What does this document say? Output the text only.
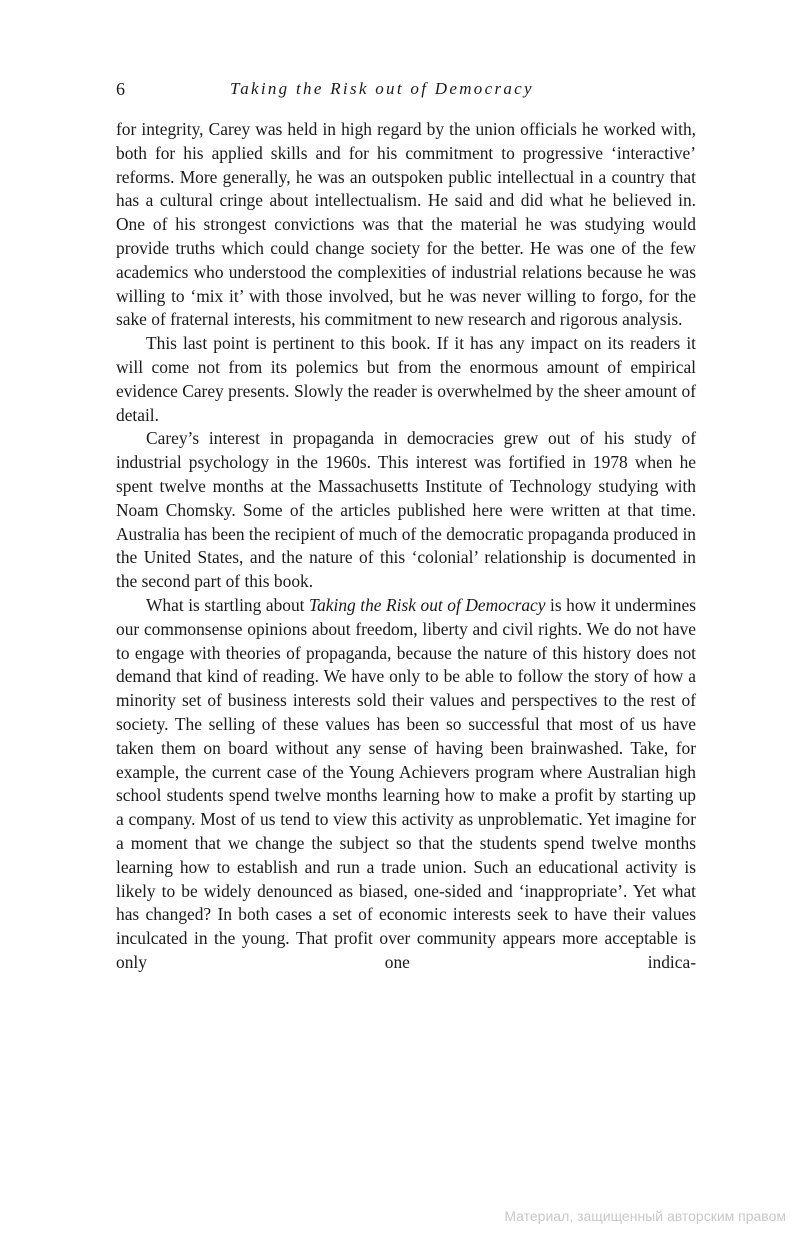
6	Taking the Risk out of Democracy

for integrity, Carey was held in high regard by the union officials he worked with, both for his applied skills and for his commitment to progressive ‘interactive’ reforms. More generally, he was an outspoken public intellectual in a country that has a cultural cringe about intellectualism. He said and did what he believed in. One of his strongest convictions was that the material he was studying would provide truths which could change society for the better. He was one of the few academics who understood the complexities of industrial relations because he was willing to ‘mix it’ with those involved, but he was never willing to forgo, for the sake of fraternal interests, his commitment to new research and rigorous analysis.

This last point is pertinent to this book. If it has any impact on its readers it will come not from its polemics but from the enormous amount of empirical evidence Carey presents. Slowly the reader is overwhelmed by the sheer amount of detail.

Carey’s interest in propaganda in democracies grew out of his study of industrial psychology in the 1960s. This interest was fortified in 1978 when he spent twelve months at the Massachusetts Institute of Technology studying with Noam Chomsky. Some of the articles published here were written at that time. Australia has been the recipient of much of the democratic propaganda produced in the United States, and the nature of this ‘colonial’ relationship is documented in the second part of this book.

What is startling about Taking the Risk out of Democracy is how it undermines our commonsense opinions about freedom, liberty and civil rights. We do not have to engage with theories of propaganda, because the nature of this history does not demand that kind of reading. We have only to be able to follow the story of how a minority set of business interests sold their values and perspectives to the rest of society. The selling of these values has been so successful that most of us have taken them on board without any sense of having been brainwashed. Take, for example, the current case of the Young Achievers program where Australian high school students spend twelve months learning how to make a profit by starting up a company. Most of us tend to view this activity as unproblematic. Yet imagine for a moment that we change the subject so that the students spend twelve months learning how to establish and run a trade union. Such an educational activity is likely to be widely denounced as biased, one-sided and ‘inappropriate’. Yet what has changed? In both cases a set of economic interests seek to have their values inculcated in the young. That profit over community appears more acceptable is only one indica-

Материал, защищенный авторским правом
